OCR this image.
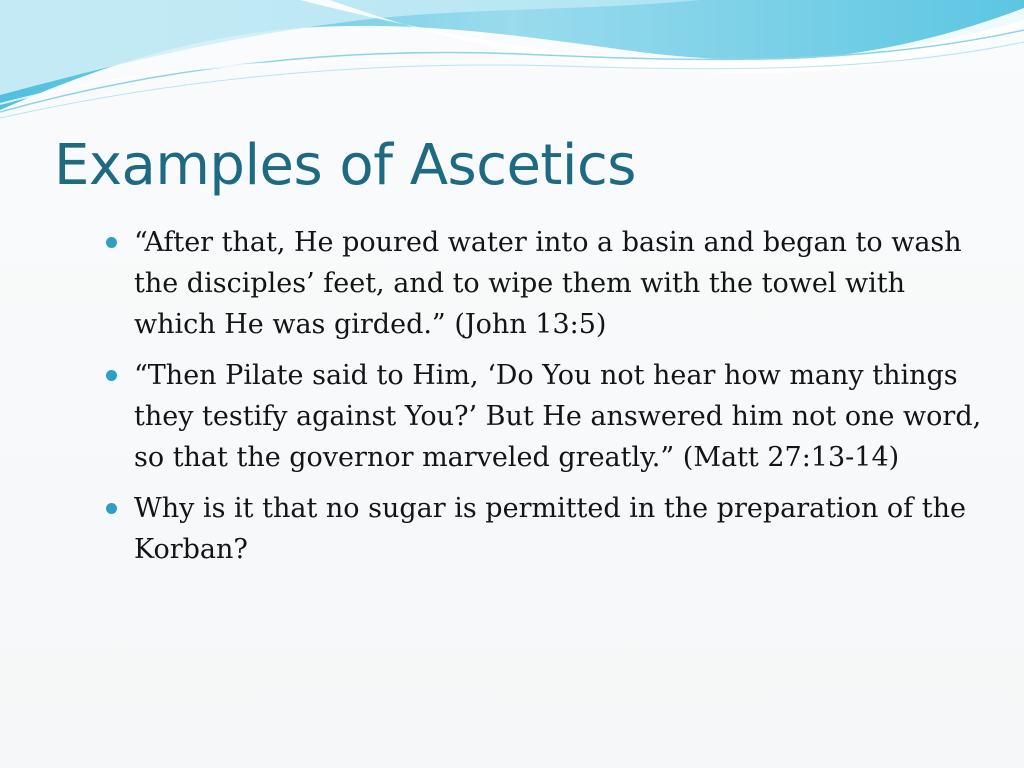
Examples of Ascetics
“After that, He poured water into a basin and began to wash the disciples’ feet, and to wipe them with the towel with which He was girded.” (John 13:5)
“Then Pilate said to Him, ‘Do You not hear how many things they testify against You?’ But He answered him not one word, so that the governor marveled greatly.” (Matt 27:13-14)
Why is it that no sugar is permitted in the preparation of the Korban?
